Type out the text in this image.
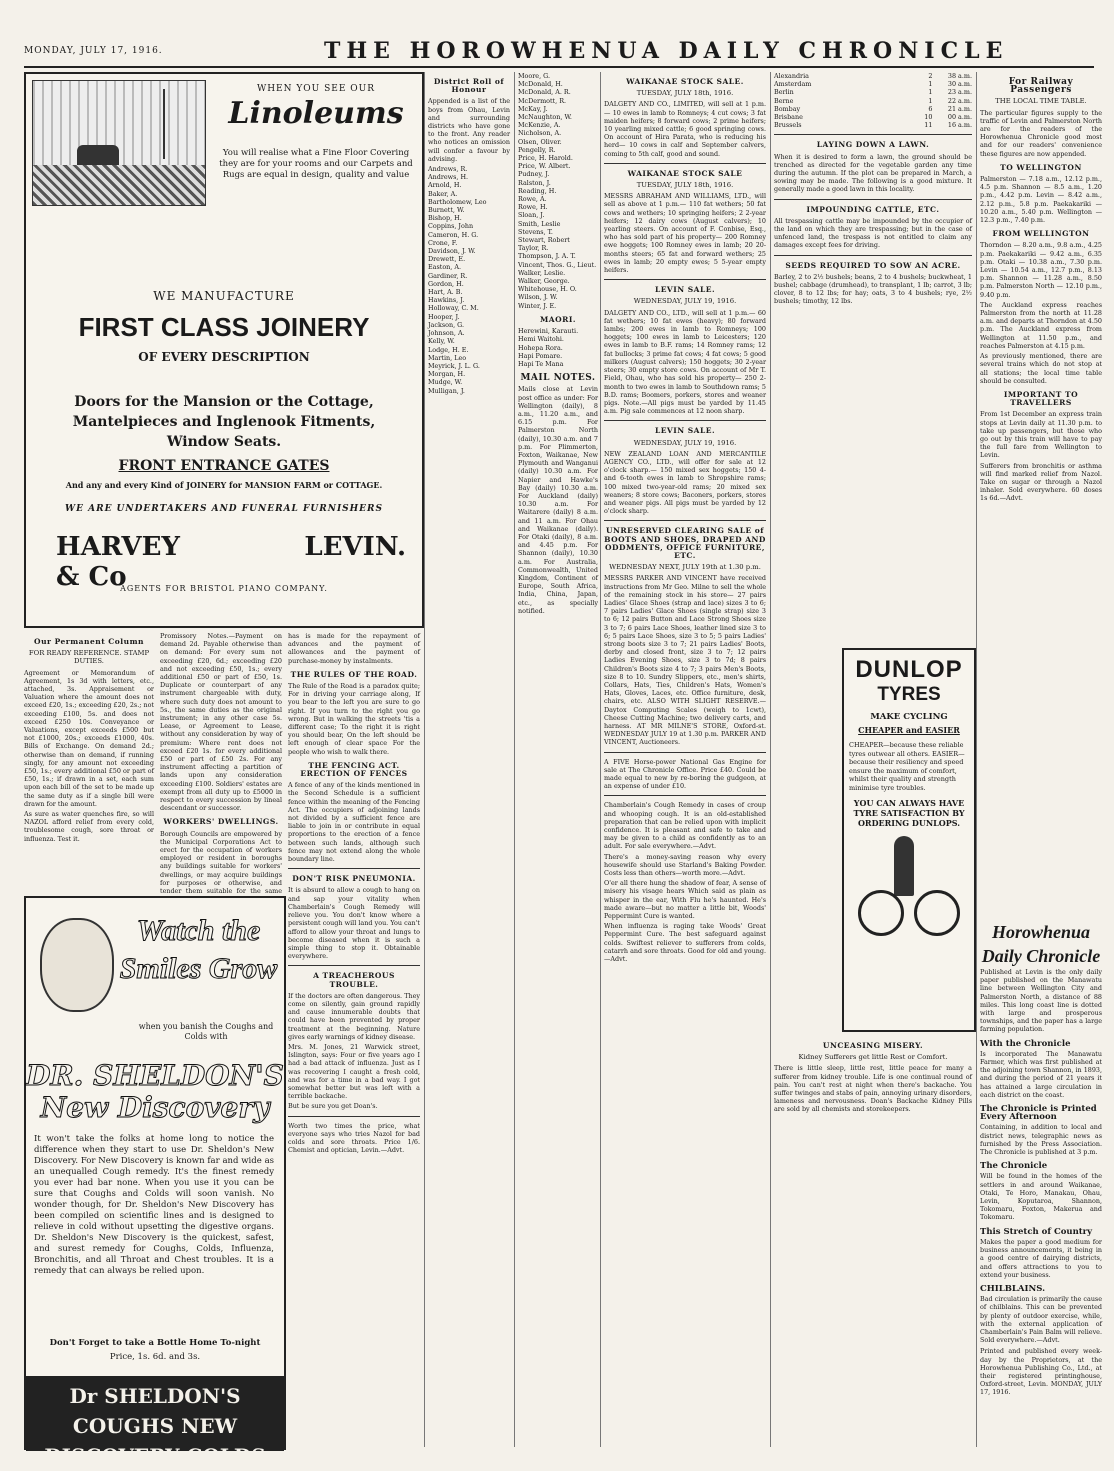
MONDAY, JULY 17, 1916.	THE HOROWHENUA DAILY CHRONICLE
WHEN YOU SEE OUR
Linoleums
You will realise what a Fine Floor Covering they are for your rooms and our Carpets and Rugs are equal in design, quality and value
WE MANUFACTURE
FIRST CLASS JOINERY
OF EVERY DESCRIPTION
Doors for the Mansion or the Cottage, Mantelpieces and Inglenook Fitments, Window Seats.
FRONT ENTRANCE GATES
And any and every Kind of JOINERY for MANSION FARM or COTTAGE.
WE ARE UNDERTAKERS AND FUNERAL FURNISHERS
HARVEY & Co
LEVIN.
AGENTS FOR BRISTOL PIANO COMPANY.
Our Permanent Column
FOR READY REFERENCE. STAMP DUTIES.

Agreement or Memorandum of Agreement, 1s 3d with letters, etc., attached, 3s. Appraisement or Valuation where the amount does not exceed £20, 1s.; exceeding £20, 2s.; not exceeding £100, 5s. and does not exceed £250 10s. Conveyance or Valuations, except exceeds £500 but not £1000, 20s.; exceeds £1000, 40s. Bills of Exchange. On demand 2d.; otherwise than on demand, if running singly, for any amount not exceeding £50, 1s.; every additional £50 or part of £50, 1s.; if drawn in a set, each sum upon each bill of the set to be made up the same duty as if a single bill were drawn for the amount.

As sure as water quenches fire, so will NAZOL afford relief from every cold, troublesome cough, sore throat or influenza. Test it.

Promissory Notes.—Payment on demand 2d. Payable otherwise than on demand: For every sum not exceeding £20, 6d.; exceeding £20 and not exceeding £50, 1s.; every additional £50 or part of £50, 1s. Duplicate or counterpart of any instrument chargeable with duty, where such duty does not amount to 5s., the same duties as the original instrument; in any other case 5s. Lease, or Agreement to Lease, without any consideration by way of premium: Where rent does not exceed £20 1s. for every additional £50 or part of £50 2s. For any instrument affecting a partition of lands upon any consideration exceeding £100. Soldiers' estates are exempt from all duty up to £5000 in respect to every succession by lineal descendant or successor.

WORKERS' DWELLINGS.

Borough Councils are empowered by the Municipal Corporations Act to erect for the occupation of workers employed or resident in boroughs any buildings suitable for workers' dwellings, or may acquire buildings for purposes or otherwise, and tender them suitable for the same

Watch the Smiles Grow
when you banish the Coughs and Colds with
DR. SHELDON'S New Discovery
It won't take the folks at home long to notice the difference when they start to use Dr. Sheldon's New Discovery. For New Discovery is known far and wide as an unequalled Cough remedy. It's the finest remedy you ever had bar none. When you use it you can be sure that Coughs and Colds will soon vanish. No wonder though, for Dr. Sheldon's New Discovery has been compiled on scientific lines and is designed to relieve in cold without upsetting the digestive organs. Dr. Sheldon's New Discovery is the quickest, safest, and surest remedy for Coughs, Colds, Influenza, Bronchitis, and all Throat and Chest troubles. It is a remedy that can always be relied upon.
Don't Forget to take a Bottle Home To-night
Price, 1s. 6d. and 3s.
Dr SHELDON'S COUGHS NEW DISCOVERY COLDS

has is made for the repayment of advances and the payment of allowances and the payment of purchase-money by instalments.

THE RULES OF THE ROAD.

The Rule of the Road is a paradox quite; For in driving your carriage along, If you bear to the left you are sure to go right. If you turn to the right you go wrong. But in walking the streets 'tis a different case; To the right it is right you should bear, On the left should be left enough of clear space For the people who wish to walk there.

THE FENCING ACT. ERECTION OF FENCES

A fence of any of the kinds mentioned in the Second Schedule is a sufficient fence within the meaning of the Fencing Act. The occupiers of adjoining lands not divided by a sufficient fence are liable to join in or contribute in equal proportions to the erection of a fence between such lands, although such fence may not extend along the whole boundary line.

DON'T RISK PNEUMONIA.

It is absurd to allow a cough to hang on and sap your vitality when Chamberlain's Cough Remedy will relieve you. You don't know where a persistent cough will land you. You can't afford to allow your throat and lungs to become diseased when it is such a simple thing to stop it. Obtainable everywhere.

A TREACHEROUS TROUBLE.

If the doctors are often dangerous. They come on silently, gain ground rapidly and cause innumerable doubts that could have been prevented by proper treatment at the beginning. Nature gives early warnings of kidney disease.

Mrs. M. Jones, 21 Warwick street, Islington, says: Four or five years ago I had a bad attack of influenza. Just as I was recovering I caught a fresh cold, and was for a time in a bad way. I got somewhat better but was left with a terrible backache.

But be sure you get Doan's.

Worth two times the price, what everyone says who tries Nazol for bad colds and sore throats. Price 1/6. Chemist and optician, Levin.—Advt.

District Roll of Honour

Appended is a list of the boys from Ohau, Levin and surrounding districts who have gone to the front. Any reader who notices an omission will confer a favour by advising.

Andrews, R.
Andrews, H.
Arnold, H.
Baker, A.
Bartholomew, Leo
Burnett, W.
Bishop, H.
Coppins, John
Cameron, H. G.
Crone, F.
Davidson, J. W.
Drewett, E.
Easton, A.
Gardiner, R.
Gordon, H.
Hart, A. B.
Hawkins, J.
Holloway, C. M.
Hooper, J.
Jackson, G.
Johnson, A.
Kelly, W.
Lodge, H. E.
Martin, Leo
Meyrick, J. L. G.
Morgan, H.
Mudge, W.
Mulligan, J.
Moore, G.
McDonald, H.
McDonald, A. R.
McDermott, R.
McKay, J.
McNaughton, W.
McKenzie, A.
Nicholson, A.
Olsen, Oliver.
Pengelly, R.
Price, H. Harold.
Price, W. Albert.
Pudney, J.
Ralston, J.
Reading, H.
Rowe, A.
Rowe, H.
Sloan, J.
Smith, Leslie
Stevens, T.
Stewart, Robert
Taylor, R.
Thompson, J. A. T.
Vincent, Thos. G., Lieut.
Walker, Leslie.
Walker, George.
Whitehouse, H. O.
Wilson, J. W.
Winter, J. E.
MAORI.
Herewini, Karauti.
Hemi Waitohi.
Hohepa Rora.
Hapi Pomare.
Hapi Te Mana
MAIL NOTES.

Mails close at Levin post office as under: For Wellington (daily), 8 a.m., 11.20 a.m., and 6.15 p.m. For Palmerston North (daily), 10.30 a.m. and 7 p.m. For Plimmerton, Foxton, Waikanae, New Plymouth and Wanganui (daily) 10.30 a.m. For Napier and Hawke's Bay (daily) 10.30 a.m. For Auckland (daily) 10.30 a.m. For Waitarere (daily) 8 a.m. and 11 a.m. For Ohau and Waikanae (daily). For Otaki (daily), 8 a.m. and 4.45 p.m. For Shannon (daily), 10.30 a.m. For Australia, Commonwealth, United Kingdom, Continent of Europe, South Africa, India, China, Japan, etc., as specially notified.

WAIKANAE STOCK SALE.
TUESDAY, JULY 18th, 1916.

DALGETY AND CO., LIMITED, will sell at 1 p.m.— 10 ewes in lamb to Romneys; 4 cut cows; 3 fat maiden heifers; 8 forward cows; 2 prime heifers; 10 yearling mixed cattle; 6 good springing cows. On account of Hira Parata, who is reducing his herd— 10 cows in calf and September calvers, coming to 5th calf, good and sound.

WAIKANAE STOCK SALE
TUESDAY, JULY 18th, 1916.

MESSRS ABRAHAM AND WILLIAMS, LTD., will sell as above at 1 p.m.— 110 fat wethers; 50 fat cows and wethers; 10 springing heifers; 2 2-year heifers; 12 dairy cows (August calvers); 10 yearling steers. On account of F. Conbise, Esq., who has sold part of his property— 200 Romney ewe hoggets; 100 Romney ewes in lamb; 20 20-months steers; 65 fat and forward wethers; 25 ewes in lamb; 20 empty ewes; 5 5-year empty heifers.

LEVIN SALE.
WEDNESDAY, JULY 19, 1916.

DALGETY AND CO., LTD., will sell at 1 p.m.— 60 fat wethers; 10 fat ewes (heavy); 80 forward lambs; 200 ewes in lamb to Romneys; 100 hoggets; 100 ewes in lamb to Leicesters; 120 ewes in lamb to B.F. rams; 14 Romney rams; 12 fat bullocks; 3 prime fat cows; 4 fat cows; 5 good milkers (August calvers); 150 hoggets; 30 2-year steers; 30 empty store cows. On account of Mr T. Field, Ohau, who has sold his property— 250 2-month to two ewes in lamb to Southdown rams; 5 B.D. rams; Boomers, porkers, stores and weaner pigs. Note.—All pigs must be yarded by 11.45 a.m. Pig sale commences at 12 noon sharp.

LEVIN SALE.
WEDNESDAY, JULY 19, 1916.

NEW ZEALAND LOAN AND MERCANTILE AGENCY CO., LTD., will offer for sale at 12 o'clock sharp.— 150 mixed sex hoggets; 150 4- and 6-tooth ewes in lamb to Shropshire rams; 100 mixed two-year-old rams; 20 mixed sex weaners; 8 store cows; Baconers, porkers, stores and weaner pigs. All pigs must be yarded by 12 o'clock sharp.

UNRESERVED CLEARING SALE of BOOTS AND SHOES, DRAPED AND ODDMENTS, OFFICE FURNITURE, ETC.
WEDNESDAY NEXT, JULY 19th at 1.30 p.m.

MESSRS PARKER AND VINCENT have received instructions from Mr Geo. Milne to sell the whole of the remaining stock in his store— 27 pairs Ladies' Glace Shoes (strap and lace) sizes 3 to 6; 7 pairs Ladies' Glace Shoes (single strap) size 3 to 6; 12 pairs Button and Lace Strong Shoes size 3 to 7; 6 pairs Lace Shoes, leather lined size 3 to 6; 5 pairs Lace Shoes, size 3 to 5; 5 pairs Ladies' strong boots size 3 to 7; 21 pairs Ladies' Boots, derby and closed front, size 3 to 7; 12 pairs Ladies Evening Shoes, size 3 to 7d; 8 pairs Children's Boots size 4 to 7; 3 pairs Men's Boots, size 8 to 10. Sundry Slippers, etc., men's shirts, Collars, Hats, Ties, Children's Hats, Women's Hats, Gloves, Laces, etc. Office furniture, desk, chairs, etc. ALSO WITH SLIGHT RESERVE.— Daytox Computing Scales (weigh to 1cwt), Cheese Cutting Machine; two delivery carts, and harness. AT MR MILNE'S STORE, Oxford-st. WEDNESDAY JULY 19 at 1.30 p.m. PARKER AND VINCENT, Auctioneers.

A FIVE Horse-power National Gas Engine for sale at The Chronicle Office. Price £40. Could be made equal to new by re-boring the gudgeon, at an expense of under £10.

Chamberlain's Cough Remedy in cases of croup and whooping cough. It is an old-established preparation that can be relied upon with implicit confidence. It is pleasant and safe to take and may be given to a child as confidently as to an adult. For sale everywhere.—Advt.

There's a money-saving reason why every housewife should use Starland's Baking Powder. Costs less than others—worth more.—Advt.

O'er all there hung the shadow of fear, A sense of misery his visage hears Which said as plain as whisper in the ear, With Flu he's haunted. He's made aware—but no matter a little bit, Woods' Peppermint Cure is wanted.

When influenza is raging take Woods' Great Peppermint Cure. The best safeguard against colds. Swiftest reliever to sufferers from colds, catarrh and sore throats. Good for old and young.—Advt.

Alexandria	2	38 a.m.
Amsterdam	1	30 a.m.
Berlin	1	23 a.m.
Berne	1	22 a.m.
Bombay	6	21 a.m.
Brisbane	10	00 a.m.
Brussels	11	16 a.m.
LAYING DOWN A LAWN.

When it is desired to form a lawn, the ground should be trenched as directed for the vegetable garden any time during the autumn. If the plot can be prepared in March, a sowing may be made. The following is a good mixture. It generally made a good lawn in this locality.

IMPOUNDING CATTLE, ETC.

All trespassing cattle may be impounded by the occupier of the land on which they are trespassing; but in the case of unfenced land, the trespass is not entitled to claim any damages except fees for driving.

SEEDS REQUIRED TO SOW AN ACRE.

Barley, 2 to 2½ bushels; beans, 2 to 4 bushels; buckwheat, 1 bushel; cabbage (drumhead), to transplant, 1 lb; carrot, 3 lb; clover, 8 to 12 lbs; for hay; oats, 3 to 4 bushels; rye, 2½ bushels; timothy, 12 lbs.

DUNLOP
TYRES
MAKE CYCLING
CHEAPER and EASIER
CHEAPER—because these reliable tyres outwear all others. EASIER—because their resiliency and speed ensure the maximum of comfort, whilst their quality and strength minimise tyre troubles.
YOU CAN ALWAYS HAVE TYRE SATISFACTION BY ORDERING DUNLOPS.
UNCEASING MISERY.
Kidney Sufferers get little Rest or Comfort.

There is little sleep, little rest, little peace for many a sufferer from kidney trouble. Life is one continual round of pain. You can't rest at night when there's backache. You suffer twinges and stabs of pain, annoying urinary disorders, lameness and nervousness. Doan's Backache Kidney Pills are sold by all chemists and storekeepers.

For Railway Passengers
THE LOCAL TIME TABLE.

The particular figures supply to the traffic of Levin and Palmerston North are for the readers of the Horowhenua Chronicle good most and for our readers' convenience these figures are now appended.

TO WELLINGTON

Palmerston — 7.18 a.m., 12.12 p.m., 4.5 p.m. Shannon — 8.5 a.m., 1.20 p.m., 4.42 p.m. Levin — 8.42 a.m., 2.12 p.m., 5.8 p.m. Paekakariki — 10.20 a.m., 5.40 p.m. Wellington — 12.3 p.m., 7.40 p.m.

FROM WELLINGTON

Thorndon — 8.20 a.m., 9.8 a.m., 4.25 p.m. Paekakariki — 9.42 a.m., 6.35 p.m. Otaki — 10.38 a.m., 7.30 p.m. Levin — 10.54 a.m., 12.7 p.m., 8.13 p.m. Shannon — 11.28 a.m., 8.50 p.m. Palmerston North — 12.10 p.m., 9.40 p.m.

The Auckland express reaches Palmerston from the north at 11.28 a.m. and departs at Thorndon at 4.50 p.m. The Auckland express from Wellington at 11.50 p.m., and reaches Palmerston at 4.15 p.m.

As previously mentioned, there are several trains which do not stop at all stations; the local time table should be consulted.

IMPORTANT TO TRAVELLERS

From 1st December an express train stops at Levin daily at 11.30 p.m. to take up passengers, but those who go out by this train will have to pay the full fare from Wellington to Levin.

Sufferers from bronchitis or asthma will find marked relief from Nazol. Take on sugar or through a Nazol inhaler. Sold everywhere. 60 doses 1s 6d.—Advt.

Horowhenua Daily Chronicle

Published at Levin is the only daily paper published on the Manawatu line between Wellington City and Palmerston North, a distance of 88 miles. This long coast line is dotted with large and prosperous townships, and the paper has a large farming population.

With the Chronicle

Is incorporated The Manawatu Farmer, which was first published at the adjoining town Shannon, in 1893, and during the period of 21 years it has attained a large circulation in each district on the coast.

The Chronicle is Printed Every Afternoon

Containing, in addition to local and district news, telegraphic news as furnished by the Press Association. The Chronicle is published at 3 p.m.

The Chronicle

Will be found in the homes of the settlers in and around Waikanae, Otaki, Te Horo, Manakau, Ohau, Levin, Koputaroa, Shannon, Tokomaru, Foxton, Makerua and Tokomaru.

This Stretch of Country

Makes the paper a good medium for business announcements, it being in a good centre of dairying districts, and offers attractions to you to extend your business.

CHILBLAINS.

Bad circulation is primarily the cause of chilblains. This can be prevented by plenty of outdoor exercise, while, with the external application of Chamberlain's Pain Balm will relieve. Sold everywhere.—Advt.

Printed and published every week-day by the Proprietors, at the Horowhenua Publishing Co., Ltd., at their registered printinghouse, Oxford-street, Levin. MONDAY, JULY 17, 1916.
